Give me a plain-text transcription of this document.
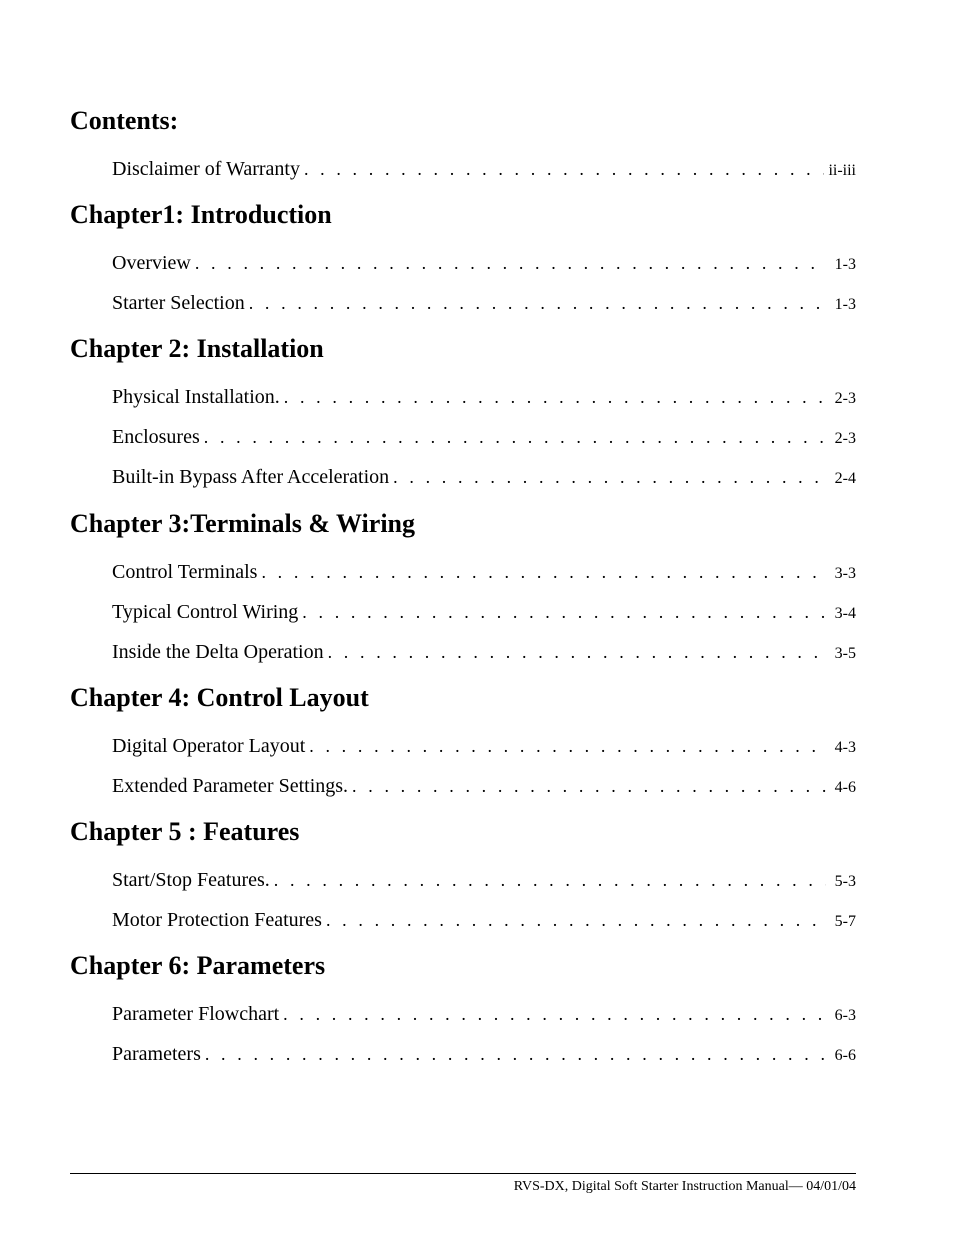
Contents:
Disclaimer of Warranty . . .	ii-iii
Chapter1: Introduction
Overview . . .	1-3
Starter Selection . . .	1-3
Chapter 2: Installation
Physical Installation. . . .	2-3
Enclosures . . .	2-3
Built-in Bypass After Acceleration . . .	2-4
Chapter 3:Terminals & Wiring
Control Terminals . . .	3-3
Typical Control Wiring . . .	3-4
Inside the Delta Operation . . .	3-5
Chapter 4: Control Layout
Digital Operator Layout . . .	4-3
Extended Parameter Settings. . . .	4-6
Chapter 5 : Features
Start/Stop Features. . . .	5-3
Motor Protection Features . . .	5-7
Chapter 6: Parameters
Parameter Flowchart . . .	6-3
Parameters . . .	6-6
RVS-DX, Digital Soft Starter Instruction Manual— 04/01/04
